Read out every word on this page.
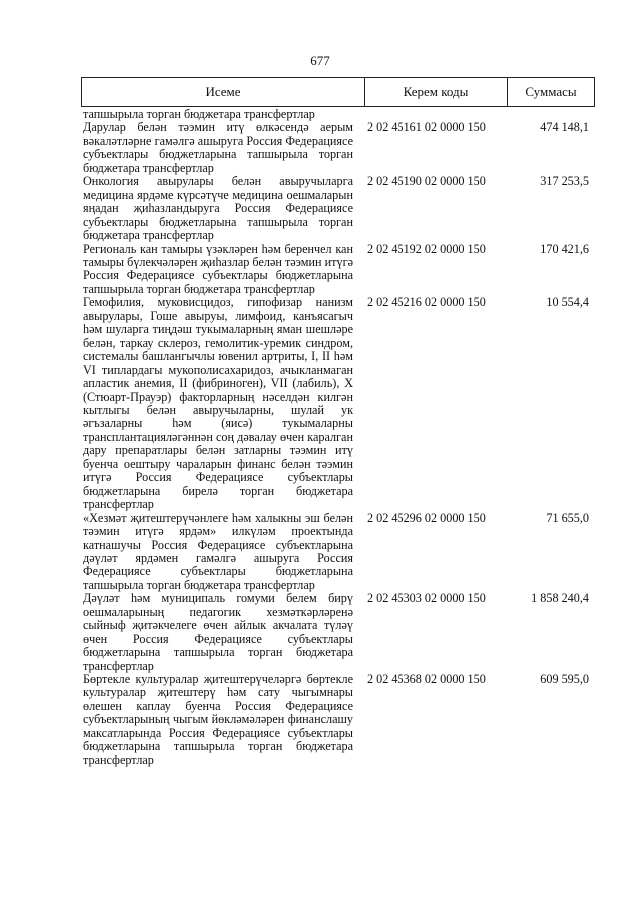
677
Исеме	Керем коды	Суммасы
тапшырыла торган бюджетара трансфертлар
Дарулар белән тәэмин итү өлкәсендә аерым вәкаләтләрне гамәлгә ашыруга Россия Федерациясе субъектлары бюджетларына тапшырыла торган бюджетара трансфертлар
2 02 45161 02 0000 150	474 148,1
Онкология авырулары белән авыручыларга медицина ярдәме күрсәтүче медицина оешмаларын яңадан җиһазландыруга Россия Федерациясе субъектлары бюджетларына тапшырыла торган бюджетара трансфертлар
2 02 45190 02 0000 150	317 253,5
Региональ кан тамыры үзәкләрен һәм беренчел кан тамыры бүлекчәләрен җиһазлар белән тәэмин итүгә Россия Федерациясе субъектлары бюджетларына тапшырыла торган бюджетара трансфертлар
2 02 45192 02 0000 150	170 421,6
Гемофилия, муковисцидоз, гипофизар нанизм авырулары, Гоше авыруы, лимфоид, канъясагыч һәм шуларга тиңдәш тукымаларның яман шешләре белән, таркау склероз, гемолитик-уремик синдром, системалы башлангычлы ювенил артриты, I, II һәм VI типлардагы мукополисахаридоз, ачыкланмаган апластик анемия, II (фибриноген), VII (лабиль), X (Стюарт-Прауэр) факторларның нәселдән килгән кытлыгы белән авыручыларны, шулай ук әгъзаларны һәм (яисә) тукымаларны трансплантацияләгәннән соң дәвалау өчен каралган дару препаратлары белән затларны тәэмин итү буенча оештыру чараларын финанс белән тәэмин итүгә Россия Федерациясе субъектлары бюджетларына бирелә торган бюджетара трансфертлар
2 02 45216 02 0000 150	10 554,4
«Хезмәт җитештерүчәнлеге һәм халыкны эш белән тәэмин итүгә ярдәм» илкүләм проектында катнашучы Россия Федерациясе субъектларына дәүләт ярдәмен гамәлгә ашыруга Россия Федерациясе субъектлары бюджетларына тапшырыла торган бюджетара трансфертлар
2 02 45296 02 0000 150	71 655,0
Дәүләт һәм муниципаль гомуми белем бирү оешмаларының педагогик хезмәткәрләренә сыйныф җитәкчелеге өчен айлык акчалата түләү өчен Россия Федерациясе субъектлары бюджетларына тапшырыла торган бюджетара трансфертлар
2 02 45303 02 0000 150	1 858 240,4
Бөртекле культуралар җитештерүчеләргә бөртекле культуралар җитештерү һәм сату чыгымнары өлешен каплау буенча Россия Федерациясе субъектларының чыгым йөкләмәләрен финанслашу максатларында Россия Федерациясе субъектлары бюджетларына тапшырыла торган бюджетара трансфертлар
2 02 45368 02 0000 150	609 595,0
